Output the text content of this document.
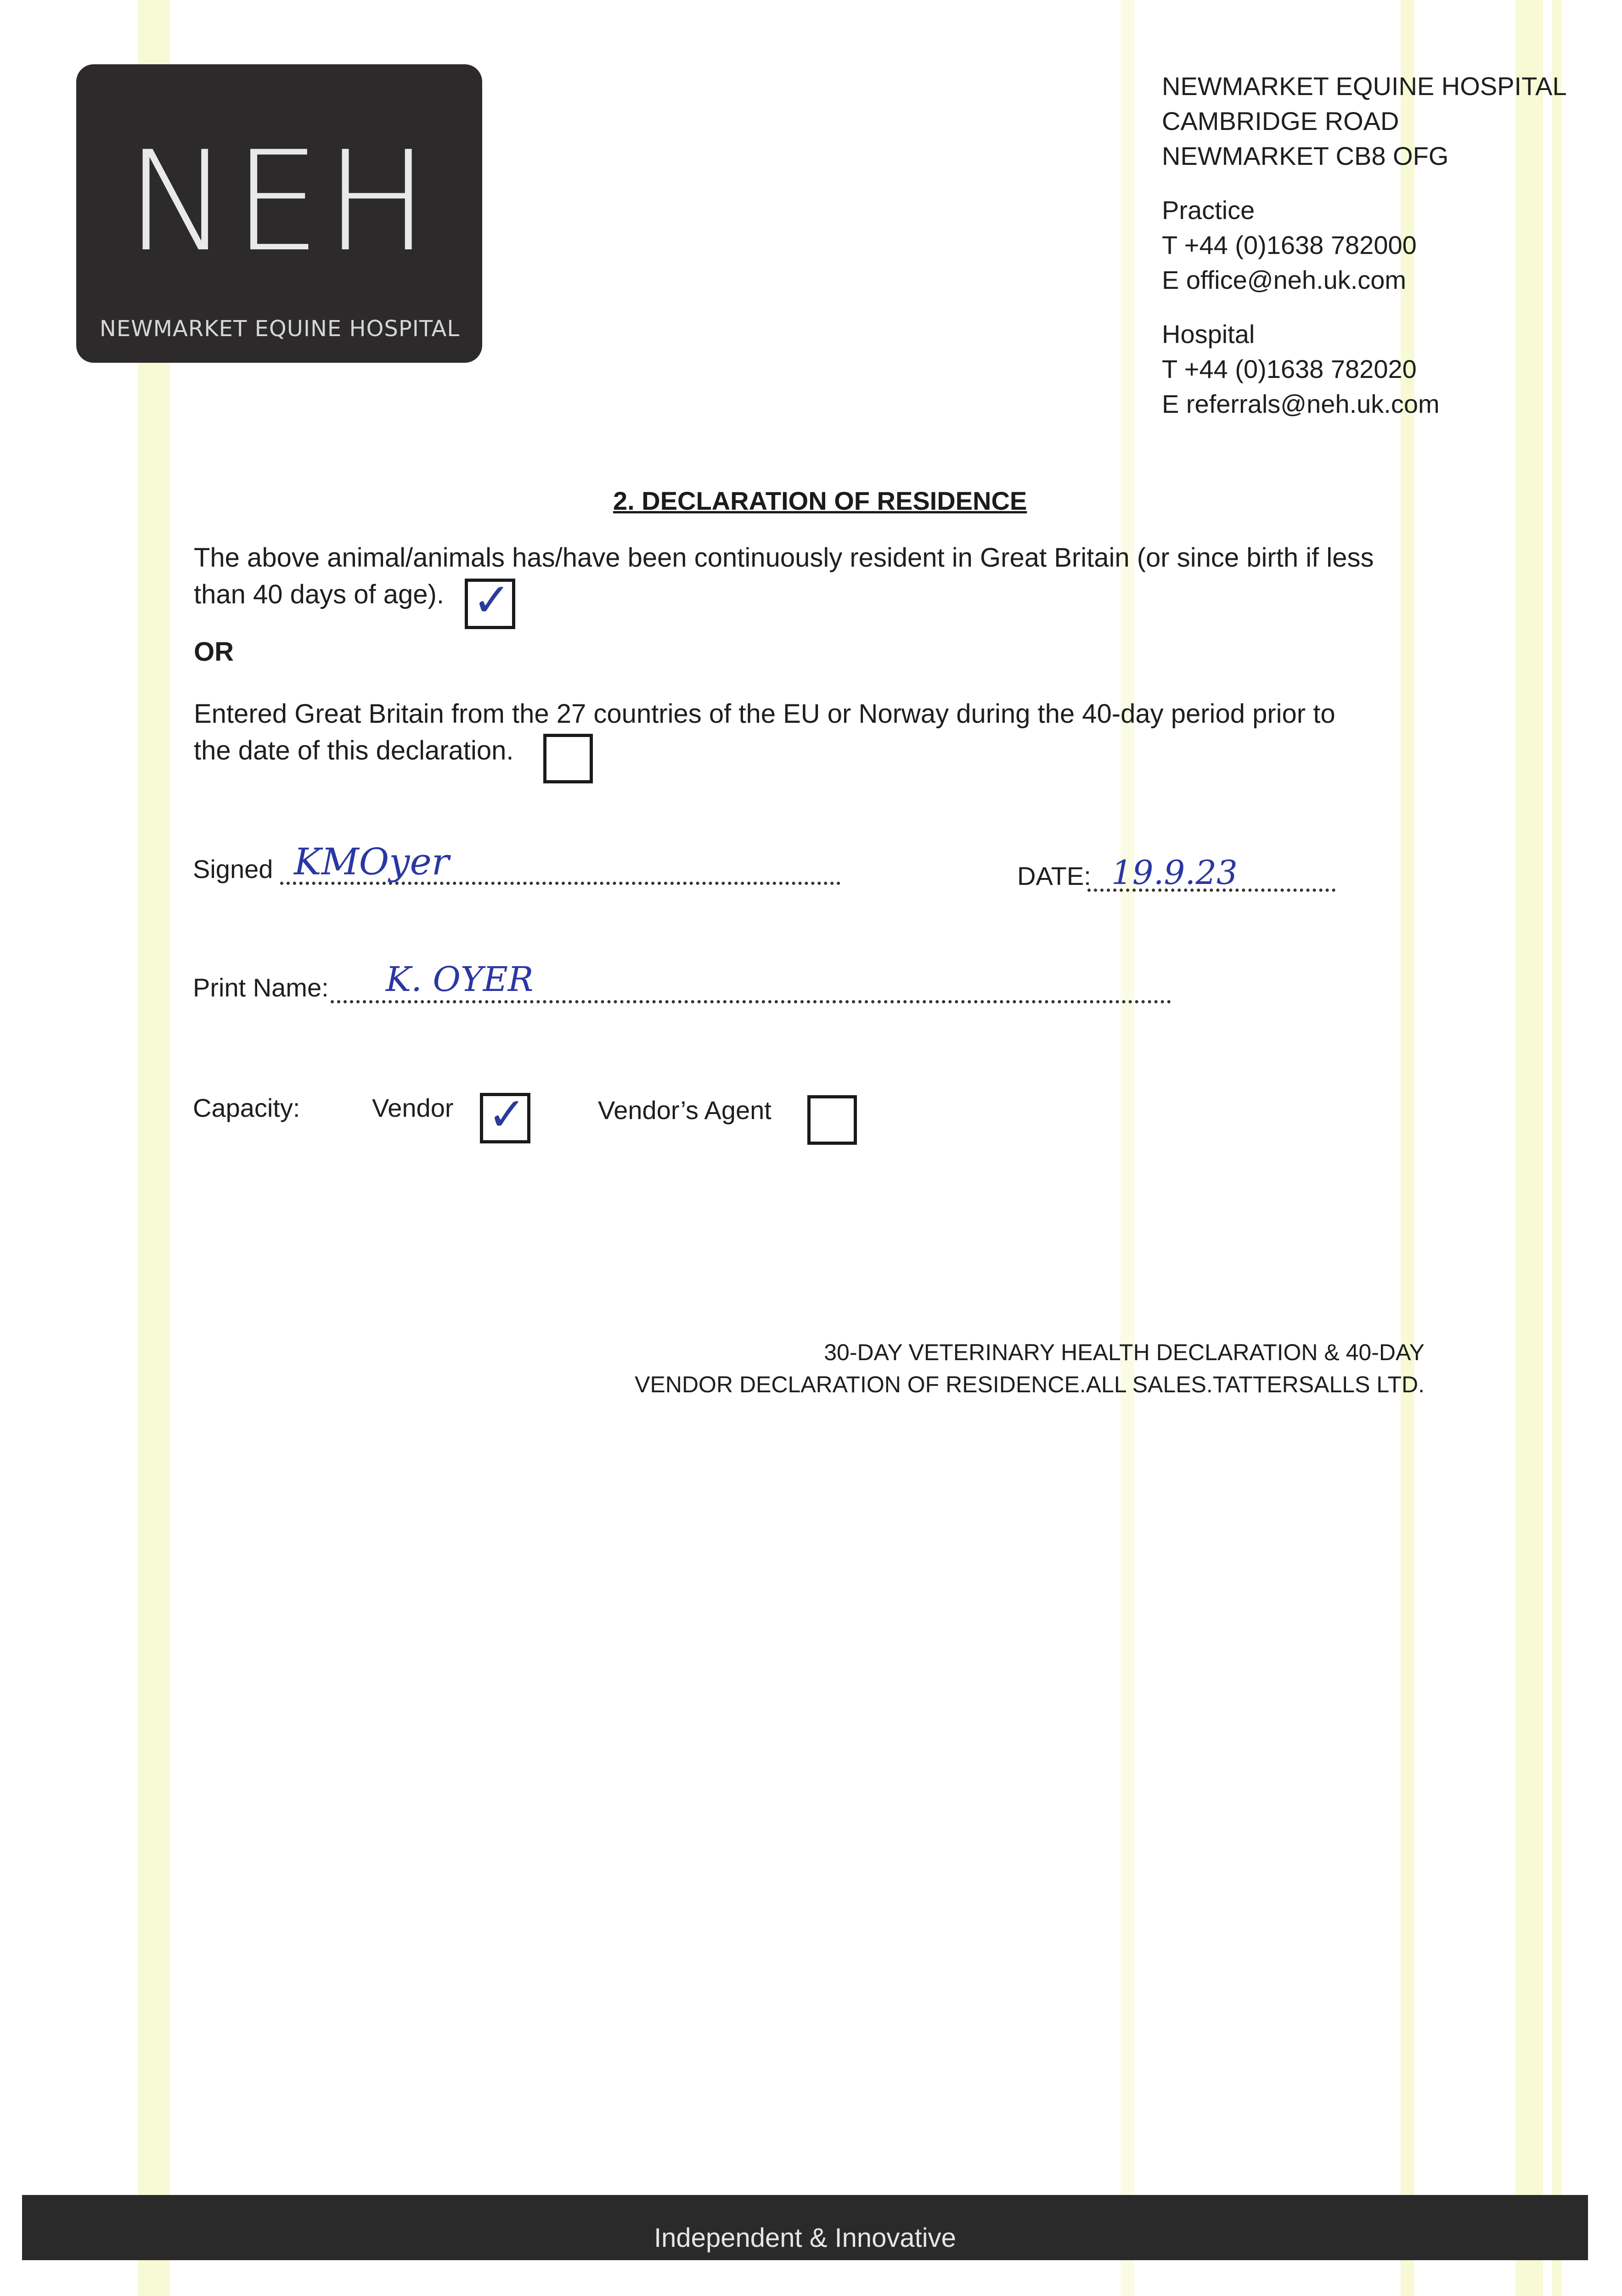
NEH
NEWMARKET EQUINE HOSPITAL
NEWMARKET EQUINE HOSPITAL
CAMBRIDGE ROAD
NEWMARKET CB8 OFG
Practice
T +44 (0)1638 782000
E office@neh.uk.com
Hospital
T +44 (0)1638 782020
E referrals@neh.uk.com
2. DECLARATION OF RESIDENCE
The above animal/animals has/have been continuously resident in Great Britain (or since birth if less
than 40 days of age). ✓
OR
Entered Great Britain from the 27 countries of the EU or Norway during the 40-day period prior to
the date of this declaration.
Signed KMOyer	DATE: 19.9.23
Print Name: K. OYER
Capacity:	Vendor ✓	Vendor’s Agent
30-DAY VETERINARY HEALTH DECLARATION & 40-DAY
VENDOR DECLARATION OF RESIDENCE.ALL SALES.TATTERSALLS LTD.
Independent & Innovative
